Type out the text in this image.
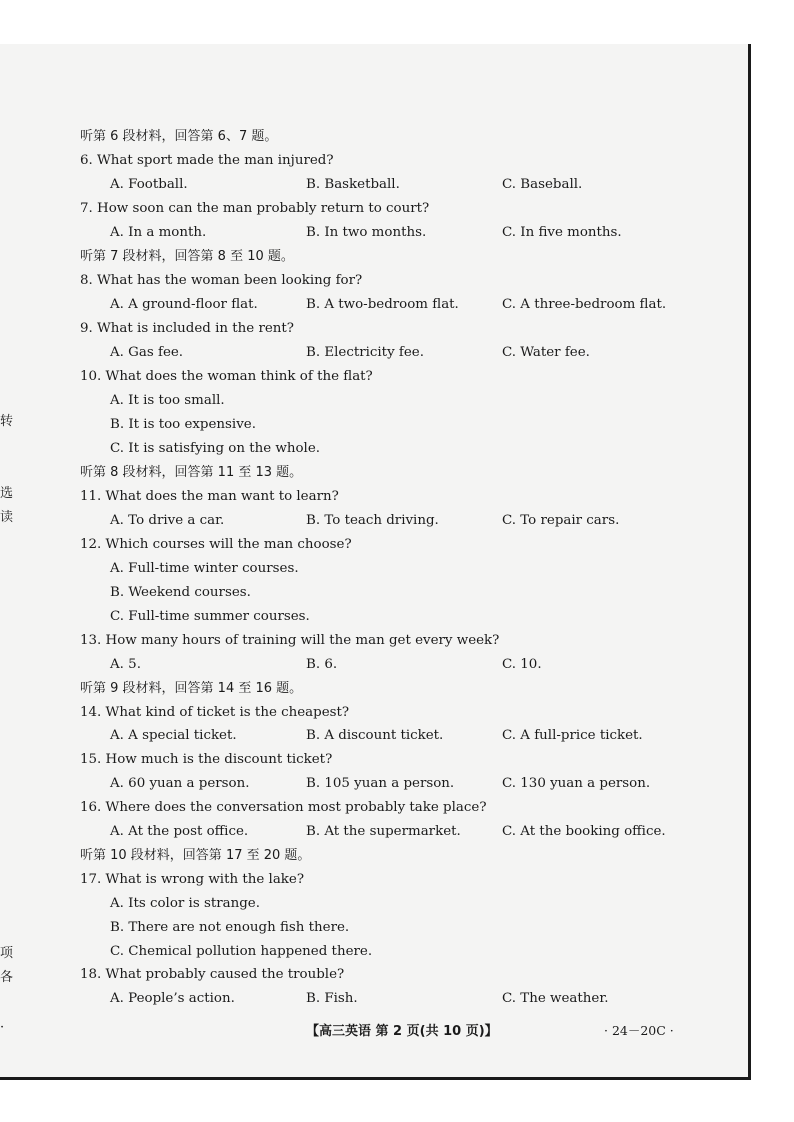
转
选
读
项
各
·
听第 6 段材料，回答第 6、7 题。
6. What sport made the man injured?
A. Football.	B. Basketball.	C. Baseball.
7. How soon can the man probably return to court?
A. In a month.	B. In two months.	C. In five months.
听第 7 段材料，回答第 8 至 10 题。
8. What has the woman been looking for?
A. A ground-floor flat.	B. A two-bedroom flat.	C. A three-bedroom flat.
9. What is included in the rent?
A. Gas fee.	B. Electricity fee.	C. Water fee.
10. What does the woman think of the flat?
A. It is too small.
B. It is too expensive.
C. It is satisfying on the whole.
听第 8 段材料，回答第 11 至 13 题。
11. What does the man want to learn?
A. To drive a car.	B. To teach driving.	C. To repair cars.
12. Which courses will the man choose?
A. Full-time winter courses.
B. Weekend courses.
C. Full-time summer courses.
13. How many hours of training will the man get every week?
A. 5.	B. 6.	C. 10.
听第 9 段材料，回答第 14 至 16 题。
14. What kind of ticket is the cheapest?
A. A special ticket.	B. A discount ticket.	C. A full-price ticket.
15. How much is the discount ticket?
A. 60 yuan a person.	B. 105 yuan a person.	C. 130 yuan a person.
16. Where does the conversation most probably take place?
A. At the post office.	B. At the supermarket.	C. At the booking office.
听第 10 段材料，回答第 17 至 20 题。
17. What is wrong with the lake?
A. Its color is strange.
B. There are not enough fish there.
C. Chemical pollution happened there.
18. What probably caused the trouble?
A. People’s action.	B. Fish.	C. The weather.
【高三英语 第 2 页(共 10 页)】	· 24－20C ·
